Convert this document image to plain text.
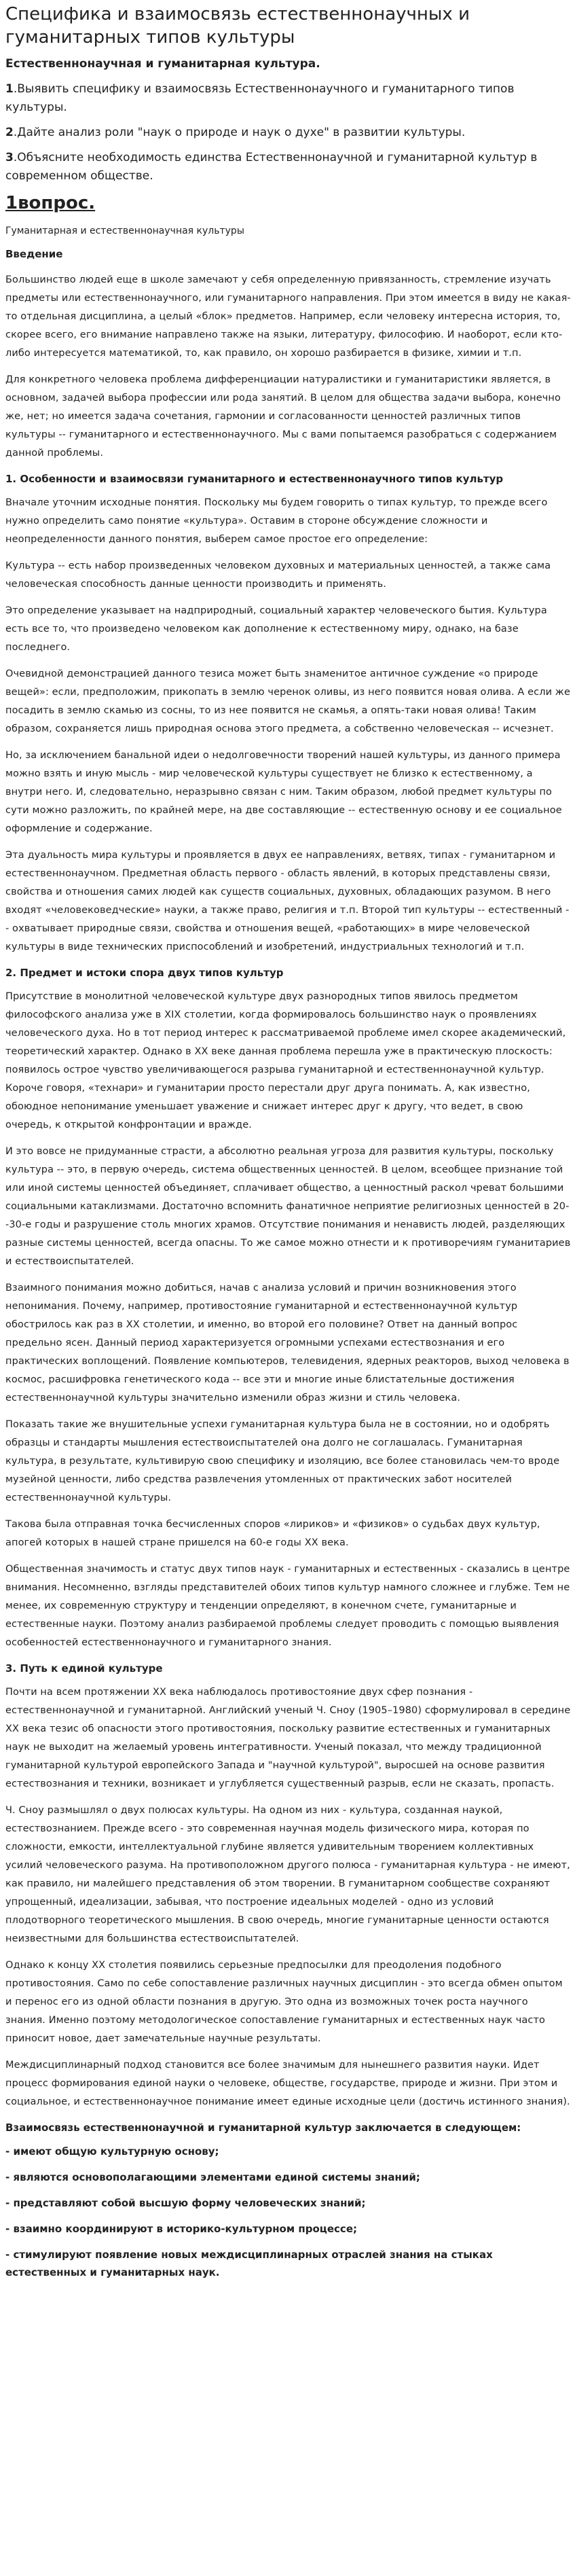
Специфика и взаимосвязь естественнонаучных и гуманитарных типов культуры
Естественнонаучная и гуманитарная культура.

1.Выявить специфику и взаимосвязь Естественнонаучного и гуманитарного типов культуры.

2.Дайте анализ роли "наук о природе и наук о духе" в развитии культуры.

3.Объясните необходимость единства Естественнонаучной и гуманитарной культур в современном обществе.

1вопрос.

Гуманитарная и естественнонаучная культуры

Введение

Большинство людей еще в школе замечают у себя определенную привязанность, стремление изучать предметы или естественнонаучного, или гуманитарного направления. При этом имеется в виду не какая-то отдельная дисциплина, а целый «блок» предметов. Например, если человеку интересна история, то, скорее всего, его внимание направлено также на языки, литературу, философию. И наоборот, если кто-либо интересуется математикой, то, как правило, он хорошо разбирается в физике, химии и т.п.

Для конкретного человека проблема дифференциации натуралистики и гуманитаристики является, в основном, задачей выбора профессии или рода занятий. В целом для общества задачи выбора, конечно же, нет; но имеется задача сочетания, гармонии и согласованности ценностей различных типов культуры -- гуманитарного и естественнонаучного. Мы с вами попытаемся разобраться с содержанием данной проблемы.

1. Особенности и взаимосвязи гуманитарного и естественнонаучного типов культур

Вначале уточним исходные понятия. Поскольку мы будем говорить о типах культур, то прежде всего нужно определить само понятие «культура». Оставим в стороне обсуждение сложности и неопределенности данного понятия, выберем самое простое его определение:

Культура -- есть набор произведенных человеком духовных и материальных ценностей, а также сама человеческая способность данные ценности производить и применять.

Это определение указывает на надприродный, социальный характер человеческого бытия. Культура есть все то, что произведено человеком как дополнение к естественному миру, однако, на базе последнего.

Очевидной демонстрацией данного тезиса может быть знаменитое античное суждение «о природе вещей»: если, предположим, прикопать в землю черенок оливы, из него появится новая олива. А если же посадить в землю скамью из сосны, то из нее появится не скамья, а опять-таки новая олива! Таким образом, сохраняется лишь природная основа этого предмета, а собственно человеческая -- исчезнет.

Но, за исключением банальной идеи о недолговечности творений нашей культуры, из данного примера можно взять и иную мысль - мир человеческой культуры существует не близко к естественному, а внутри него. И, следовательно, неразрывно связан с ним. Таким образом, любой предмет культуры по сути можно разложить, по крайней мере, на две составляющие -- естественную основу и ее социальное оформление и содержание.

Эта дуальность мира культуры и проявляется в двух ее направлениях, ветвях, типах - гуманитарном и естественнонаучном. Предметная область первого - область явлений, в которых представлены связи, свойства и отношения самих людей как существ социальных, духовных, обладающих разумом. В него входят «человековедческие» науки, а также право, религия и т.п. Второй тип культуры -- естественный -- охватывает природные связи, свойства и отношения вещей, «работающих» в мире человеческой культуры в виде технических приспособлений и изобретений, индустриальных технологий и т.п.

2. Предмет и истоки спора двух типов культур

Присутствие в монолитной человеческой культуре двух разнородных типов явилось предметом философского анализа уже в XIX столетии, когда формировалось большинство наук о проявлениях человеческого духа. Но в тот период интерес к рассматриваемой проблеме имел скорее академический, теоретический характер. Однако в XX веке данная проблема перешла уже в практическую плоскость: появилось острое чувство увеличивающегося разрыва гуманитарной и естественнонаучной культур. Короче говоря, «технари» и гуманитарии просто перестали друг друга понимать. А, как известно, обоюдное непонимание уменьшает уважение и снижает интерес друг к другу, что ведет, в свою очередь, к открытой конфронтации и вражде.

И это вовсе не придуманные страсти, а абсолютно реальная угроза для развития культуры, поскольку культура -- это, в первую очередь, система общественных ценностей. В целом, всеобщее признание той или иной системы ценностей объединяет, сплачивает общество, а ценностный раскол чреват большими социальными катаклизмами. Достаточно вспомнить фанатичное неприятие религиозных ценностей в 20--30-е годы и разрушение столь многих храмов. Отсутствие понимания и ненависть людей, разделяющих разные системы ценностей, всегда опасны. То же самое можно отнести и к противоречиям гуманитариев и естествоиспытателей.

Взаимного понимания можно добиться, начав с анализа условий и причин возникновения этого непонимания. Почему, например, противостояние гуманитарной и естественнонаучной культур обострилось как раз в XX столетии, и именно, во второй его половине? Ответ на данный вопрос предельно ясен. Данный период характеризуется огромными успехами естествознания и его практических воплощений. Появление компьютеров, телевидения, ядерных реакторов, выход человека в космос, расшифровка генетического кода -- все эти и многие иные блистательные достижения естественнонаучной культуры значительно изменили образ жизни и стиль человека.

Показать такие же внушительные успехи гуманитарная культура была не в состоянии, но и одобрять образцы и стандарты мышления естествоиспытателей она долго не соглашалась. Гуманитарная культура, в результате, культивирую свою специфику и изоляцию, все более становилась чем-то вроде музейной ценности, либо средства развлечения утомленных от практических забот носителей естественнонаучной культуры.

Такова была отправная точка бесчисленных споров «лириков» и «физиков» о судьбах двух культур, апогей которых в нашей стране пришелся на 60-е годы XX века.

Общественная значимость и статус двух типов наук - гуманитарных и естественных - сказались в центре внимания. Несомненно, взгляды представителей обоих типов культур намного сложнее и глубже. Тем не менее, их современную структуру и тенденции определяют, в конечном счете, гуманитарные и естественные науки. Поэтому анализ разбираемой проблемы следует проводить с помощью выявления особенностей естественнонаучного и гуманитарного знания.

3. Путь к единой культуре

Почти на всем протяжении XX века наблюдалось противостояние двух сфер познания - естественнонаучной и гуманитарной. Английский ученый Ч. Сноу (1905–1980) сформулировал в середине XX века тезис об опасности этого противостояния, поскольку развитие естественных и гуманитарных наук не выходит на желаемый уровень интегративности. Ученый показал, что между традиционной гуманитарной культурой европейского Запада и "научной культурой", выросшей на основе развития естествознания и техники, возникает и углубляется существенный разрыв, если не сказать, пропасть.

Ч. Сноу размышлял о двух полюсах культуры. На одном из них - культура, созданная наукой, естествознанием. Прежде всего - это современная научная модель физического мира, которая по сложности, емкости, интеллектуальной глубине является удивительным творением коллективных усилий человеческого разума. На противоположном другого полюса - гуманитарная культура - не имеют, как правило, ни малейшего представления об этом творении. В гуманитарном сообществе сохраняют упрощенный, идеализации, забывая, что построение идеальных моделей - одно из условий плодотворного теоретического мышления. В свою очередь, многие гуманитарные ценности остаются неизвестными для большинства естествоиспытателей.

Однако к концу XX столетия появились серьезные предпосылки для преодоления подобного противостояния. Само по себе сопоставление различных научных дисциплин - это всегда обмен опытом и перенос его из одной области познания в другую. Это одна из возможных точек роста научного знания. Именно поэтому методологическое сопоставление гуманитарных и естественных наук часто приносит новое, дает замечательные научные результаты.

Междисциплинарный подход становится все более значимым для нынешнего развития науки. Идет процесс формирования единой науки о человеке, обществе, государстве, природе и жизни. При этом и социальное, и естественнонаучное понимание имеет единые исходные цели (достичь истинного знания).

Взаимосвязь естественнонаучной и гуманитарной культур заключается в следующем:

- имеют общую культурную основу;
- являются основополагающими элементами единой системы знаний;
- представляют собой высшую форму человеческих знаний;
- взаимно координируют в историко-культурном процессе;
- стимулируют появление новых междисциплинарных отраслей знания на стыках естественных и гуманитарных наук.
